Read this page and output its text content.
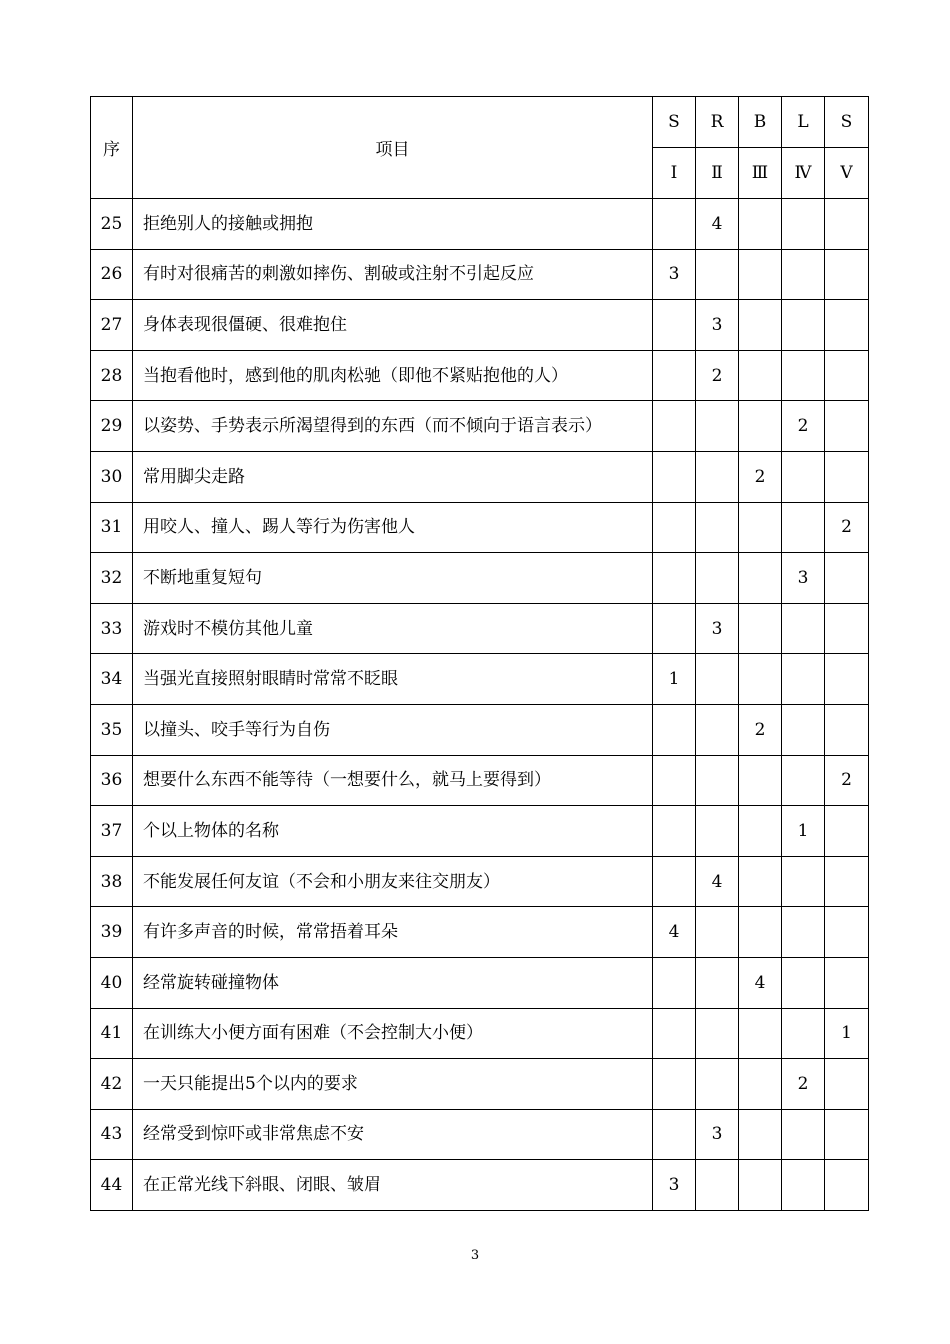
序	项目	S	R	B	L	S
		Ⅰ	Ⅱ	Ⅲ	Ⅳ	Ⅴ
25	拒绝别人的接触或拥抱		4			
26	有时对很痛苦的刺激如摔伤、割破或注射不引起反应	3				
27	身体表现很僵硬、很难抱住		3			
28	当抱看他时，感到他的肌肉松驰（即他不紧贴抱他的人）		2			
29	以姿势、手势表示所渴望得到的东西（而不倾向于语言表示）				2	
30	常用脚尖走路			2		
31	用咬人、撞人、踢人等行为伤害他人					2
32	不断地重复短句				3	
33	游戏时不模仿其他儿童		3			
34	当强光直接照射眼睛时常常不眨眼	1				
35	以撞头、咬手等行为自伤			2		
36	想要什么东西不能等待（一想要什么，就马上要得到）					2
37	个以上物体的名称				1	
38	不能发展任何友谊（不会和小朋友来往交朋友）		4			
39	有许多声音的时候，常常捂着耳朵	4				
40	经常旋转碰撞物体			4		
41	在训练大小便方面有困难（不会控制大小便）					1
42	一天只能提出5个以内的要求				2	
43	经常受到惊吓或非常焦虑不安		3			
44	在正常光线下斜眼、闭眼、皱眉	3				
3
